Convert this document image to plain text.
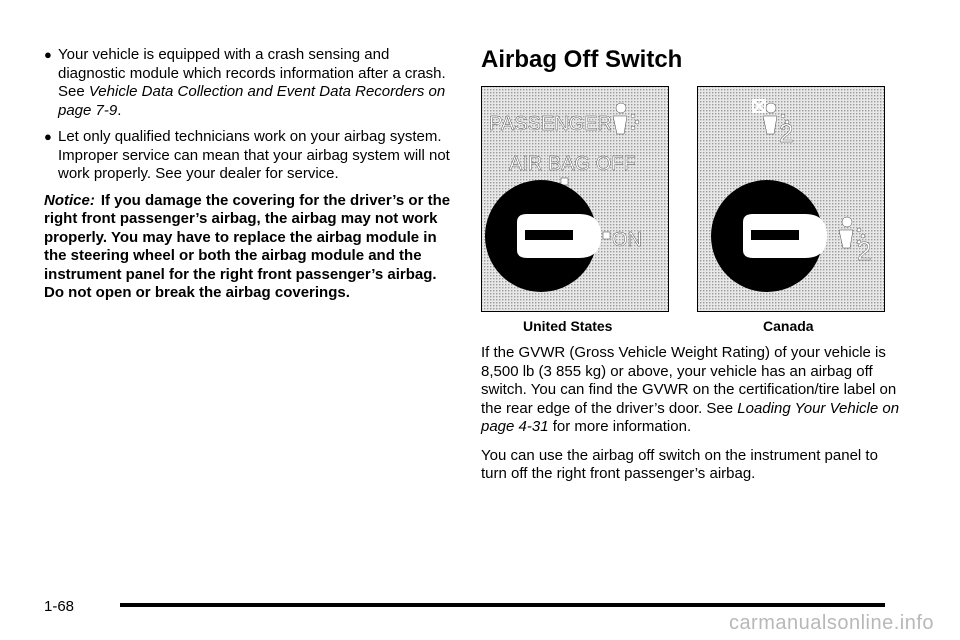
● Your vehicle is equipped with a crash sensing and diagnostic module which records information after a crash. See Vehicle Data Collection and Event Data Recorders on page 7-9.
● Let only qualified technicians work on your airbag system. Improper service can mean that your airbag system will not work properly. See your dealer for service.
Notice: If you damage the covering for the driver’s or the right front passenger’s airbag, the airbag may not work properly. You may have to replace the airbag module in the steering wheel or both the airbag module and the instrument panel for the right front passenger’s airbag. Do not open or break the airbag coverings.
Airbag Off Switch
PASSENGER
AIR BAG OFF
ON
United States
2
2
Canada

If the GVWR (Gross Vehicle Weight Rating) of your vehicle is 8,500 lb (3 855 kg) or above, your vehicle has an airbag off switch. You can find the GVWR on the certification/tire label on the rear edge of the driver’s door. See Loading Your Vehicle on page 4-31 for more information.

You can use the airbag off switch on the instrument panel to turn off the right front passenger’s airbag.

1-68
carmanualsonline.info
